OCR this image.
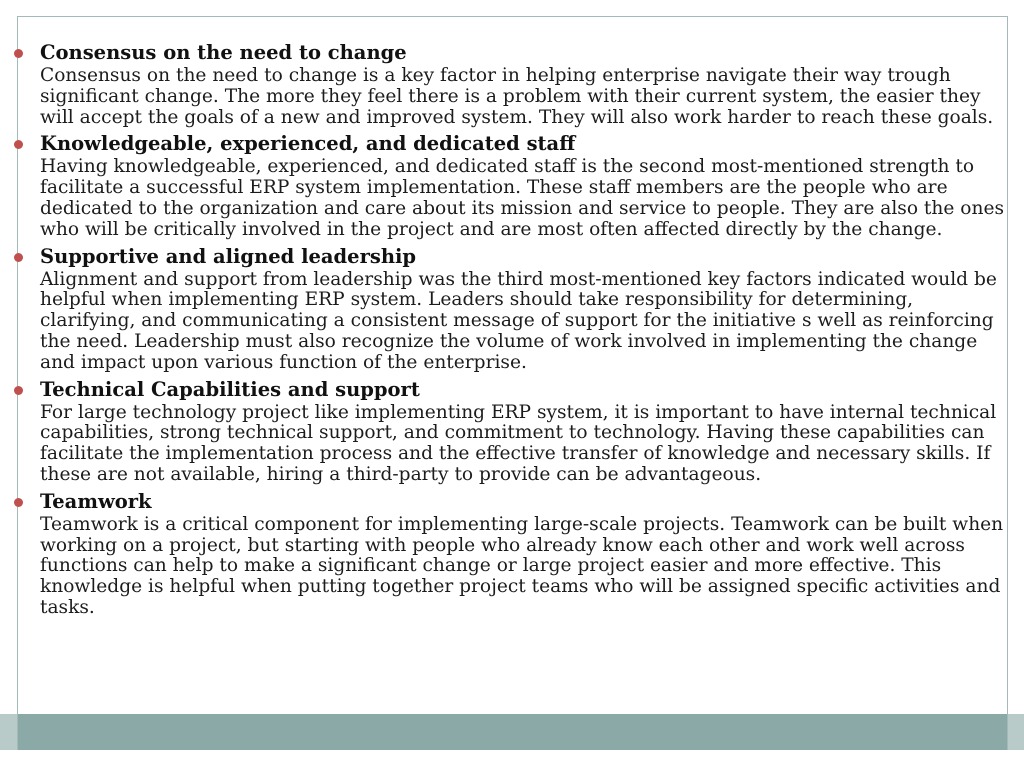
Consensus on the need to change

Consensus on the need to change is a key factor in helping enterprise navigate their way trough significant change. The more they feel there is a problem with their current system, the easier they will accept the goals of a new and improved system. They will also work harder to reach these goals.

Knowledgeable, experienced, and dedicated staff

Having knowledgeable, experienced, and dedicated staff is the second most-mentioned strength to facilitate a successful ERP system implementation. These staff members are the people who are dedicated to the organization and care about its mission and service to people. They are also the ones who will be critically involved in the project and are most often affected directly by the change.

Supportive and aligned leadership

Alignment and support from leadership was the third most-mentioned key factors indicated would be helpful when implementing ERP system. Leaders should take responsibility for determining, clarifying, and communicating a consistent message of support for the initiative s well as reinforcing the need. Leadership must also recognize the volume of work involved in implementing the change and impact upon various function of the enterprise.

Technical Capabilities and support

For large technology project like implementing ERP system, it is important to have internal technical capabilities, strong technical support, and commitment to technology. Having these capabilities can facilitate the implementation process and the effective transfer of knowledge and necessary skills. If these are not available, hiring a third-party to provide can be advantageous.

Teamwork

Teamwork is a critical component for implementing large-scale projects. Teamwork can be built when working on a project, but starting with people who already know each other and work well across functions can help to make a significant change or large project easier and more effective. This knowledge is helpful when putting together project teams who will be assigned specific activities and tasks.
